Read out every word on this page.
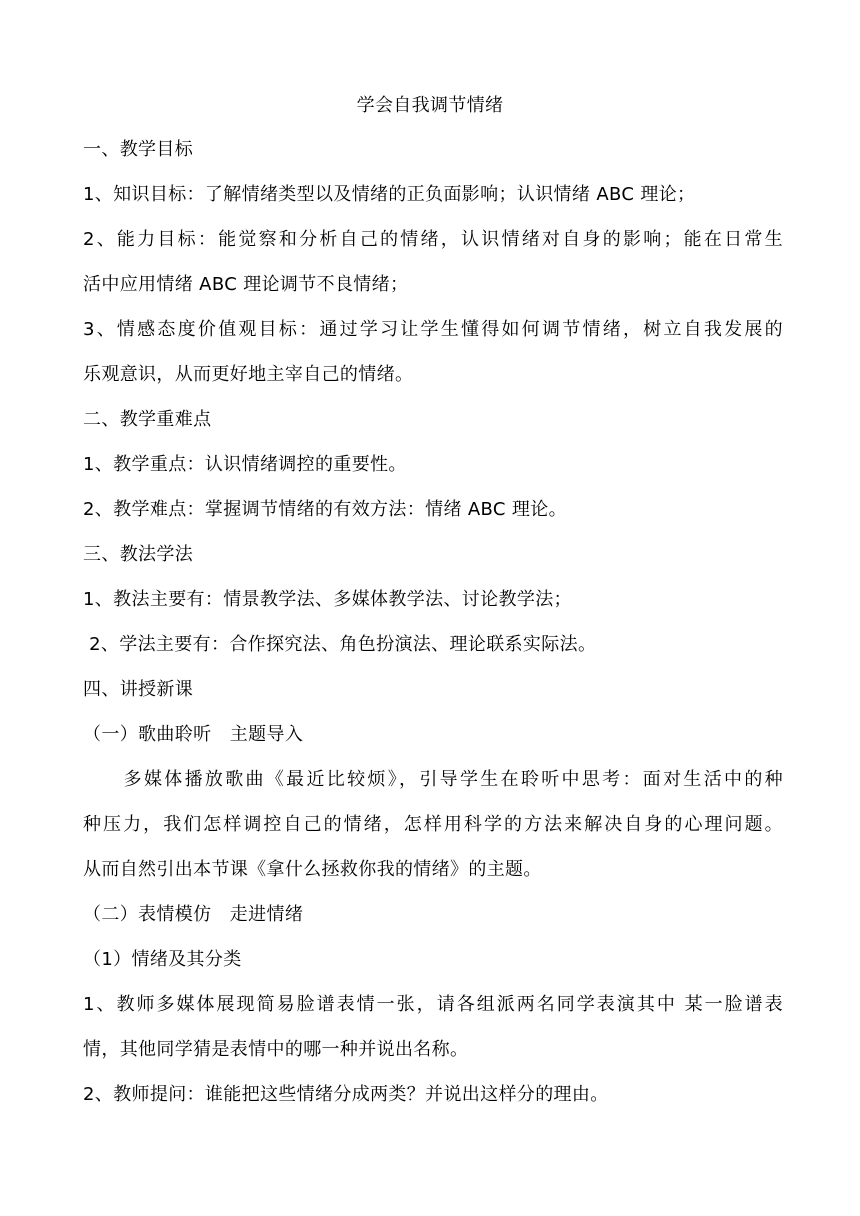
学会自我调节情绪
一、教学目标
1、知识目标：了解情绪类型以及情绪的正负面影响；认识情绪 ABC 理论；
2、能力目标：能觉察和分析自己的情绪，认识情绪对自身的影响；能在日常生
活中应用情绪 ABC 理论调节不良情绪；
3、情感态度价值观目标：通过学习让学生懂得如何调节情绪，树立自我发展的
乐观意识，从而更好地主宰自己的情绪。
二、教学重难点
1、教学重点：认识情绪调控的重要性。
2、教学难点：掌握调节情绪的有效方法：情绪 ABC 理论。
三、教法学法
1、教法主要有：情景教学法、多媒体教学法、讨论教学法；
2、学法主要有：合作探究法、角色扮演法、理论联系实际法。
四、讲授新课
（一）歌曲聆听　主题导入
　　多媒体播放歌曲《最近比较烦》，引导学生在聆听中思考：面对生活中的种
种压力，我们怎样调控自己的情绪，怎样用科学的方法来解决自身的心理问题。
从而自然引出本节课《拿什么拯救你我的情绪》的主题。
（二）表情模仿　走进情绪
（1）情绪及其分类
1、教师多媒体展现简易脸谱表情一张，请各组派两名同学表演其中 某一脸谱表
情，其他同学猜是表情中的哪一种并说出名称。
2、教师提问：谁能把这些情绪分成两类？并说出这样分的理由。
